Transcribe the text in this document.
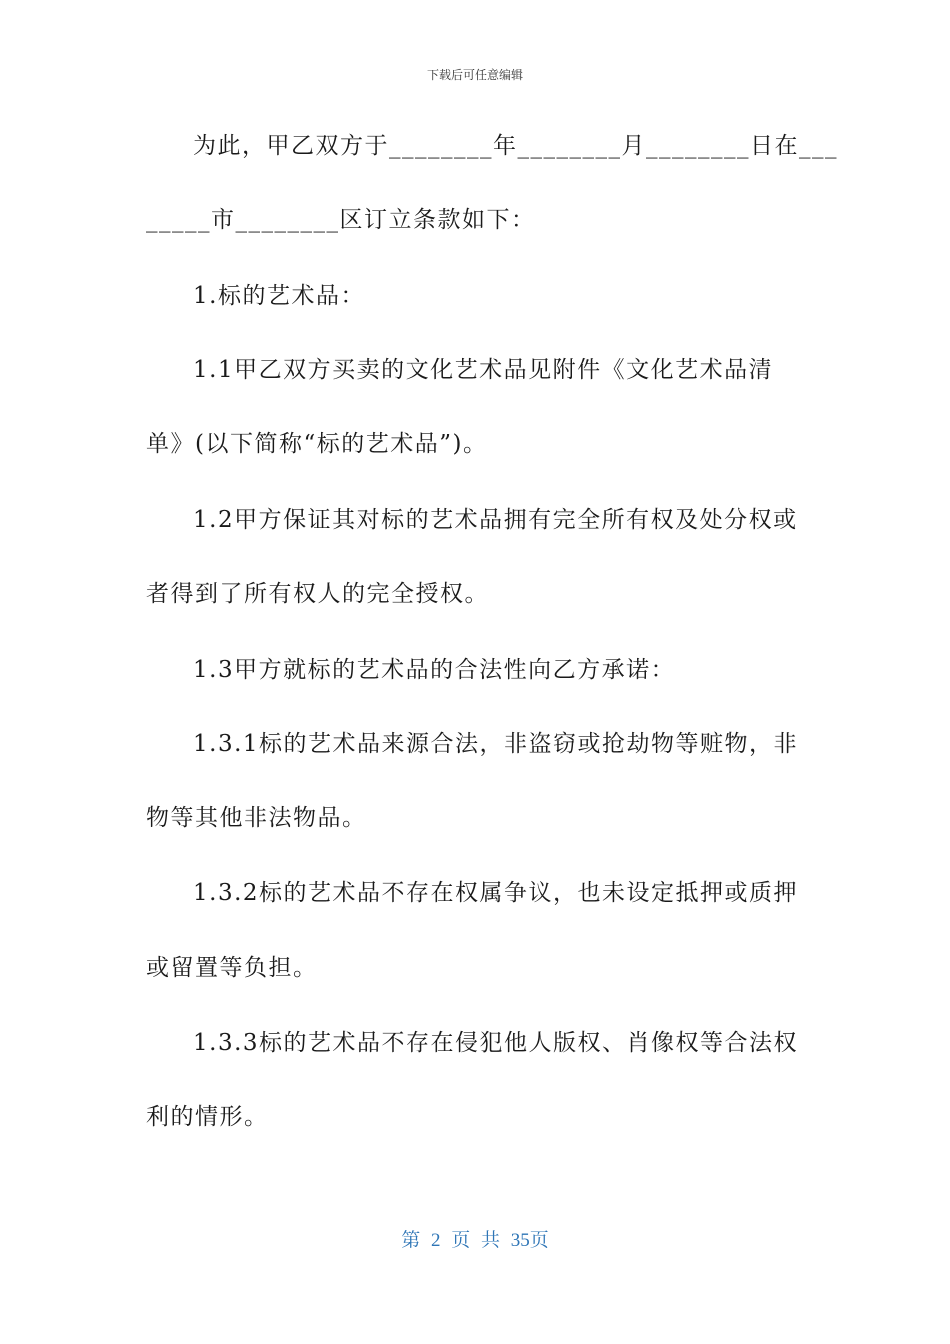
下载后可任意编辑
为此，甲乙双方于________年________月________日在___
_____市________区订立条款如下：
1.标的艺术品：
1.1甲乙双方买卖的文化艺术品见附件《文化艺术品清
单》(以下简称“标的艺术品”)。
1.2甲方保证其对标的艺术品拥有完全所有权及处分权或
者得到了所有权人的完全授权。
1.3甲方就标的艺术品的合法性向乙方承诺：
1.3.1标的艺术品来源合法，非盗窃或抢劫物等赃物，非
物等其他非法物品。
1.3.2标的艺术品不存在权属争议，也未设定抵押或质押
或留置等负担。
1.3.3标的艺术品不存在侵犯他人版权、肖像权等合法权
利的情形。
第 2 页 共 35页
